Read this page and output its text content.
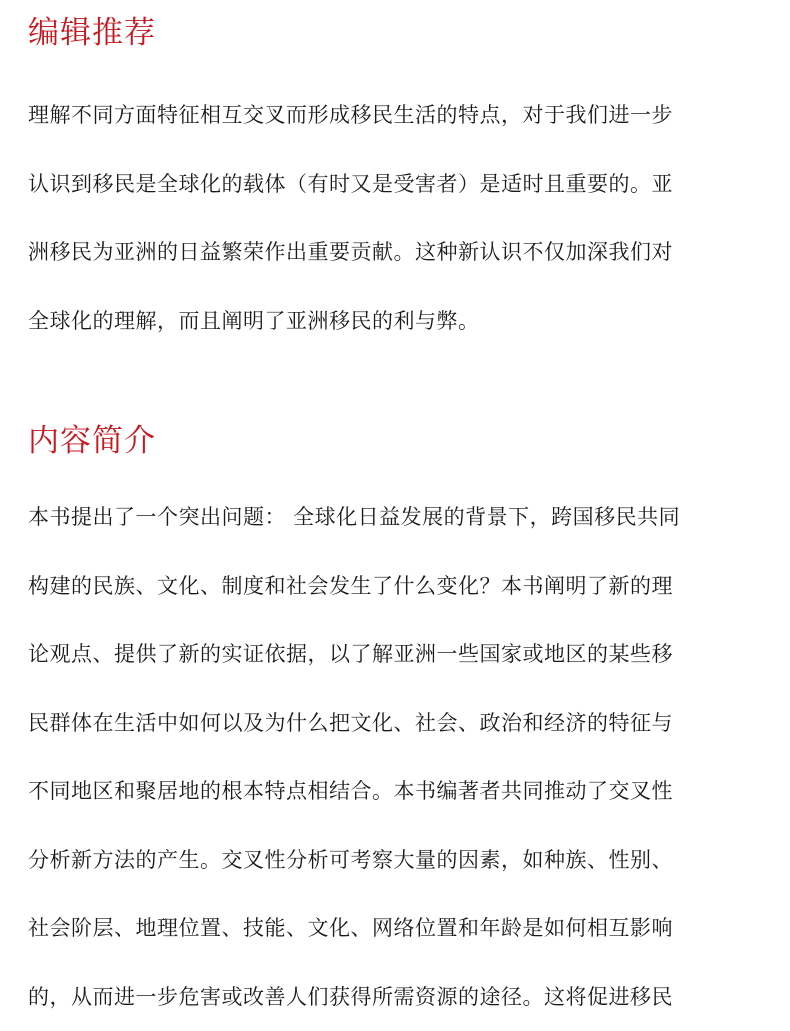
编辑推荐
理解不同方面特征相互交叉而形成移民生活的特点，对于我们进一步
认识到移民是全球化的载体（有时又是受害者）是适时且重要的。亚
洲移民为亚洲的日益繁荣作出重要贡献。这种新认识不仅加深我们对
全球化的理解，而且阐明了亚洲移民的利与弊。
内容简介
本书提出了一个突出问题： 全球化日益发展的背景下，跨国移民共同
构建的民族、文化、制度和社会发生了什么变化？本书阐明了新的理
论观点、提供了新的实证依据，以了解亚洲一些国家或地区的某些移
民群体在生活中如何以及为什么把文化、社会、政治和经济的特征与
不同地区和聚居地的根本特点相结合。本书编著者共同推动了交叉性
分析新方法的产生。交叉性分析可考察大量的因素，如种族、性别、
社会阶层、地理位置、技能、文化、网络位置和年龄是如何相互影响
的，从而进一步危害或改善人们获得所需资源的途径。这将促进移民
